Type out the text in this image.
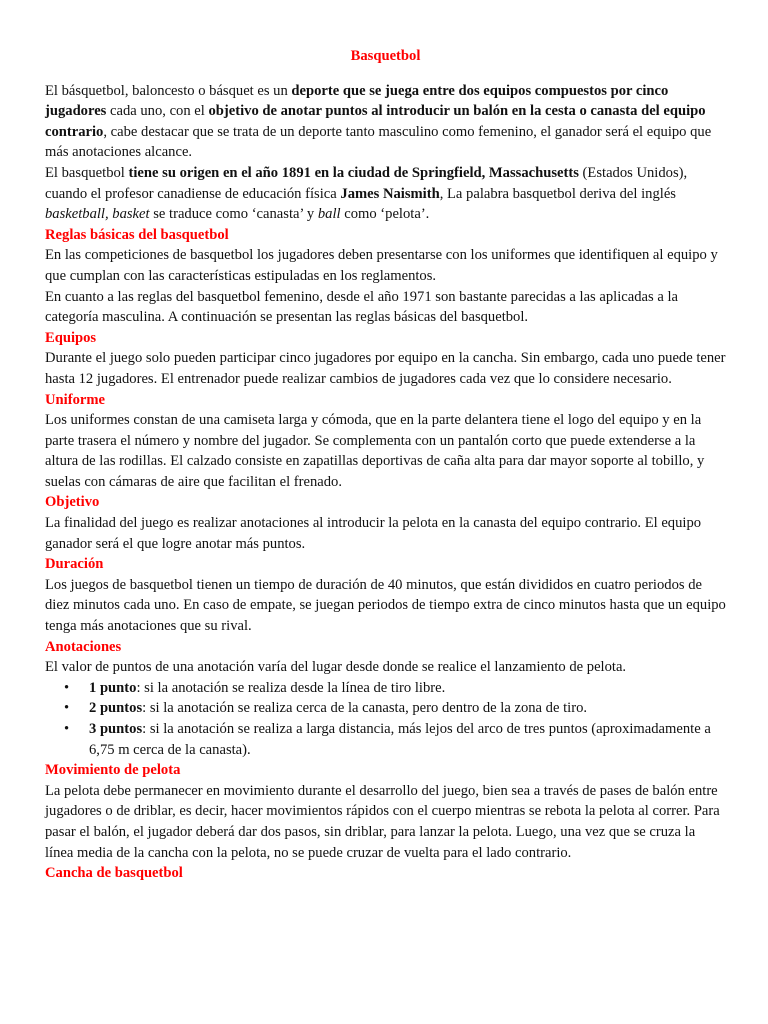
Basquetbol

El básquetbol, baloncesto o básquet es un deporte que se juega entre dos equipos compuestos por cinco jugadores cada uno, con el objetivo de anotar puntos al introducir un balón en la cesta o canasta del equipo contrario, cabe destacar que se trata de un deporte tanto masculino como femenino, el ganador será el equipo que más anotaciones alcance.

El basquetbol tiene su origen en el año 1891 en la ciudad de Springfield, Massachusetts (Estados Unidos), cuando el profesor canadiense de educación física James Naismith, La palabra basquetbol deriva del inglés basketball, basket se traduce como ‘canasta’ y ball como ‘pelota’.

Reglas básicas del basquetbol

En las competiciones de basquetbol los jugadores deben presentarse con los uniformes que identifiquen al equipo y que cumplan con las características estipuladas en los reglamentos.

En cuanto a las reglas del basquetbol femenino, desde el año 1971 son bastante parecidas a las aplicadas a la categoría masculina. A continuación se presentan las reglas básicas del basquetbol.

Equipos

Durante el juego solo pueden participar cinco jugadores por equipo en la cancha. Sin embargo, cada uno puede tener hasta 12 jugadores. El entrenador puede realizar cambios de jugadores cada vez que lo considere necesario.

Uniforme

Los uniformes constan de una camiseta larga y cómoda, que en la parte delantera tiene el logo del equipo y en la parte trasera el número y nombre del jugador. Se complementa con un pantalón corto que puede extenderse a la altura de las rodillas. El calzado consiste en zapatillas deportivas de caña alta para dar mayor soporte al tobillo, y suelas con cámaras de aire que facilitan el frenado.

Objetivo

La finalidad del juego es realizar anotaciones al introducir la pelota en la canasta del equipo contrario. El equipo ganador será el que logre anotar más puntos.

Duración

Los juegos de basquetbol tienen un tiempo de duración de 40 minutos, que están divididos en cuatro periodos de diez minutos cada uno. En caso de empate, se juegan periodos de tiempo extra de cinco minutos hasta que un equipo tenga más anotaciones que su rival.

Anotaciones

El valor de puntos de una anotación varía del lugar desde donde se realice el lanzamiento de pelota.

• 1 punto: si la anotación se realiza desde la línea de tiro libre.
• 2 puntos: si la anotación se realiza cerca de la canasta, pero dentro de la zona de tiro.
• 3 puntos: si la anotación se realiza a larga distancia, más lejos del arco de tres puntos (aproximadamente a 6,75 m cerca de la canasta).
Movimiento de pelota

La pelota debe permanecer en movimiento durante el desarrollo del juego, bien sea a través de pases de balón entre jugadores o de driblar, es decir, hacer movimientos rápidos con el cuerpo mientras se rebota la pelota al correr. Para pasar el balón, el jugador deberá dar dos pasos, sin driblar, para lanzar la pelota. Luego, una vez que se cruza la línea media de la cancha con la pelota, no se puede cruzar de vuelta para el lado contrario.

Cancha de basquetbol
